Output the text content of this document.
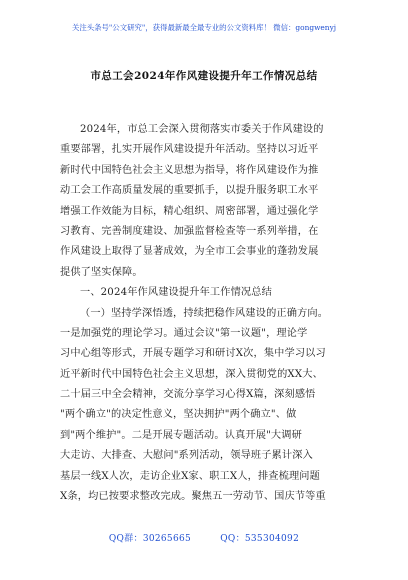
关注头条号"公文研究"，获得最新最全最专业的公文资料库！ 微信：gongwenyj
市总工会2024年作风建设提升年工作情况总结
2024年，市总工会深入贯彻落实市委关于作风建设的
重要部署，扎实开展作风建设提升年活动。坚持以习近平
新时代中国特色社会主义思想为指导，将作风建设作为推
动工会工作高质量发展的重要抓手，以提升服务职工水平
增强工作效能为目标，精心组织、周密部署，通过强化学
习教育、完善制度建设、加强监督检查等一系列举措，在
作风建设上取得了显著成效，为全市工会事业的蓬勃发展
提供了坚实保障。
一、2024年作风建设提升年工作情况总结
（一）坚持学深悟透，持续把稳作风建设的正确方向。
一是加强党的理论学习。通过会议"第一议题"，理论学
习中心组等形式，开展专题学习和研讨X次，集中学习以习
近平新时代中国特色社会主义思想，深入贯彻党的XX大、
二十届三中全会精神，交流分享学习心得X篇，深刻感悟
"两个确立"的决定性意义，坚决拥护"两个确立"、做
到"两个维护"。二是开展专题活动。认真开展"大调研
大走访、大排查、大慰问"系列活动，领导班子累计深入
基层一线X人次，走访企业X家、职工X人，排查梳理问题
X条，均已按要求整改完成。聚焦五一劳动节、国庆节等重
QQ群：30265665	QQ：535304092
